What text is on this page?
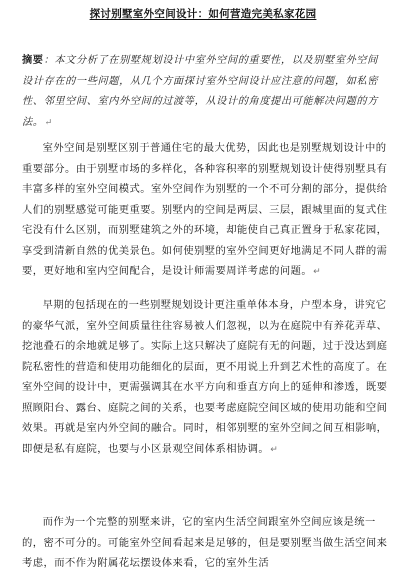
探讨别墅室外空间设计：如何营造完美私家花园
摘要：本文分析了在别墅规划设计中室外空间的重要性，以及别墅室外空间设计存在的一些问题，从几个方面探讨室外空间设计应注意的问题，如私密性、邻里空间、室内外空间的过渡等，从设计的角度提出可能解决问题的方法。↵
室外空间是别墅区别于普通住宅的最大优势，因此也是别墅规划设计中的重要部分。由于别墅市场的多样化，各种容积率的别墅规划设计使得别墅具有丰富多样的室外空间模式。室外空间作为别墅的一个不可分割的部分，提供给人们的别墅感觉可能更重要。别墅内的空间是两层、三层，跟城里面的复式住宅没有什么区别，而别墅建筑之外的环境，却能使自己真正置身于私家花园，享受到清新自然的优美景色。如何使别墅的室外空间更好地满足不同人群的需要，更好地和室内空间配合，是设计师需要周详考虑的问题。↵
早期的包括现在的一些别墅规划设计更注重单体本身，户型本身，讲究它的豪华气派，室外空间质量往往容易被人们忽视，以为在庭院中有养花弄草、挖池叠石的余地就足够了。实际上这只解决了庭院有无的问题，过于没达到庭院私密性的营造和使用功能细化的层面，更不用说上升到艺术性的高度了。在室外空间的设计中，更需强调其在水平方向和垂直方向上的延伸和渗透，既要照顾阳台、露台、庭院之间的关系，也要考虑庭院空间区域的使用功能和空间效果。再就是室内外空间的融合。同时，相邻别墅的室外空间之间互相影响，即便是私有庭院，也要与小区景观空间体系相协调。↵
而作为一个完整的别墅来讲，它的室内生活空间跟室外空间应该是统一的，密不可分的。可能室外空间看起来是足够的，但是要别墅当做生活空间来考虑，而不作为附属花坛摆设体来看，它的室外生活
